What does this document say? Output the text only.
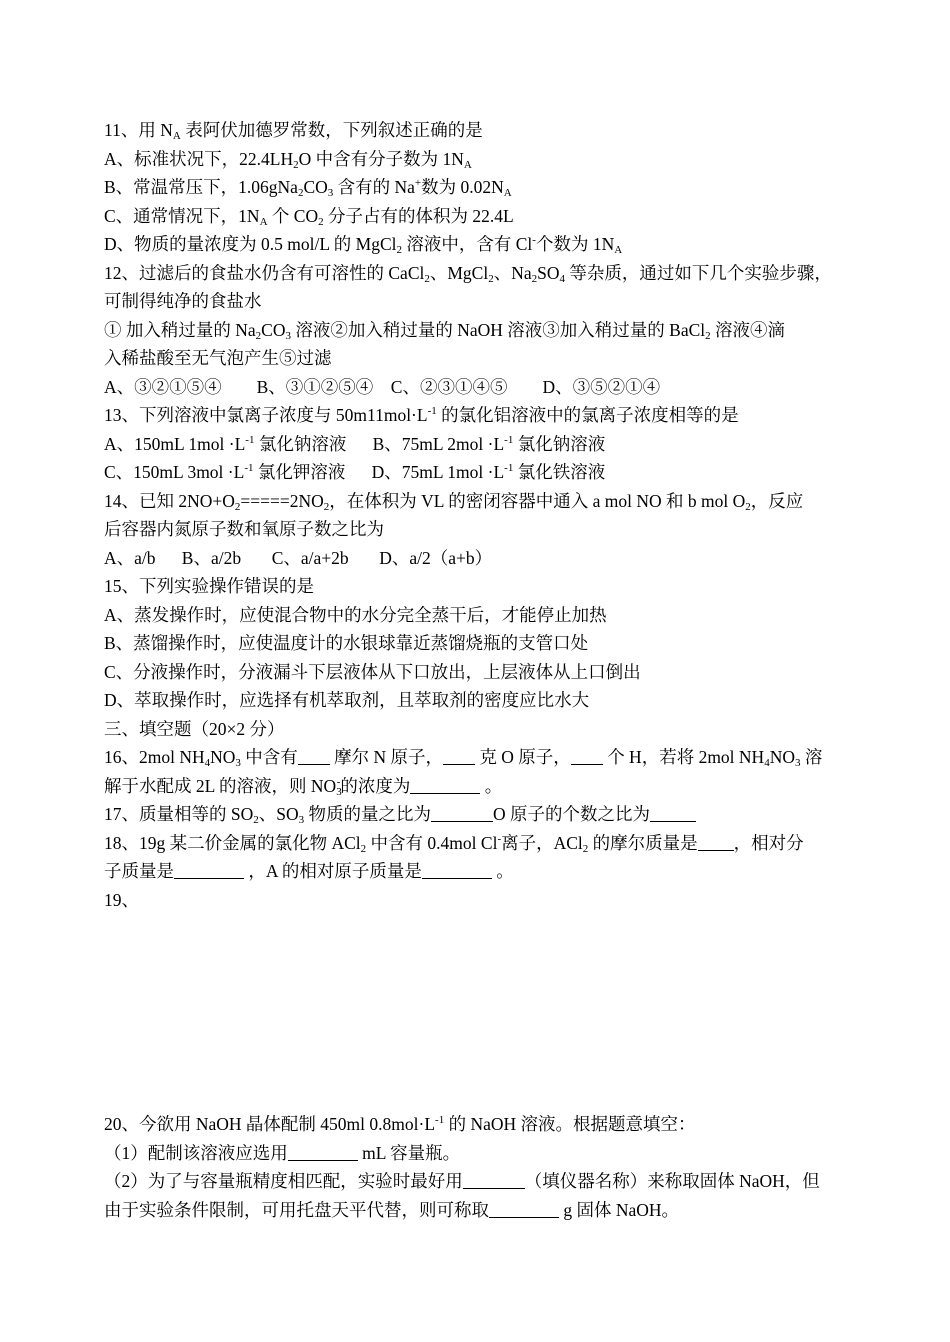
11、用 $N_A$ 表阿伏加德罗常数，下列叙述正确的是
A、标准状况下，$22.4LH_2O$ 中含有分子数为 $1N_A$
B、常温常压下，$1.06gNa_2CO_3$ 含有的 Na+数为 $0.02N_A$
C、通常情况下，$1N_A$ 个 $CO_2$ 分子占有的体积为 22.4L
D、物质的量浓度为 0.5 mol/L 的 MgCl$_2$ 溶液中，含有 Cl-个数为 $1N_A$
12、过滤后的食盐水仍含有可溶性的 CaCl$_2$、MgCl$_2$、$Na_2SO_4$ 等杂质，通过如下几个实验步骤，
可制得纯净的食盐水
① 加入稍过量的 $Na_2CO_3$ 溶液②加入稍过量的 NaOH 溶液③加入稍过量的 BaCl$_2$ 溶液④滴
入稀盐酸至无气泡产生⑤过滤
A、③②①⑤④        B、③①②⑤④    C、②③①④⑤        D、③⑤②①④
13、下列溶液中氯离子浓度与 $50m11mol\cdot L^{-1}$ 的氯化铝溶液中的氯离子浓度相等的是
A、150mL $1mol \cdot L^{-1}$ 氯化钠溶液      B、75mL $2mol \cdot L^{-1}$ 氯化钠溶液
C、150mL $3mol \cdot L^{-1}$ 氯化钾溶液      D、75mL $1mol \cdot L^{-1}$ 氯化铁溶液
14、已知 $2NO+O_2=====2NO_2$，在体积为 VL 的密闭容器中通入 a mol NO 和 b mol $O_2$，反应
后容器内氮原子数和氧原子数之比为
A、a/b      B、a/2b       C、a/a+2b       D、a/2（a+b）
15、下列实验操作错误的是
A、蒸发操作时，应使混合物中的水分完全蒸干后，才能停止加热
B、蒸馏操作时，应使温度计的水银球靠近蒸馏烧瓶的支管口处
C、分液操作时，分液漏斗下层液体从下口放出，上层液体从上口倒出
D、萃取操作时，应选择有机萃取剂，且萃取剂的密度应比水大
三、填空题（20×2 分）
16、2mol $NH_4NO_3$ 中含有 摩尔 N 原子， 克 O 原子， 个 H，若将 2mol $NH_4NO_3$ 溶
解于水配成 2L 的溶液，则 $NO_3^-$的浓度为	。
17、质量相等的 $SO_2$、$SO_3$ 物质的量之比为	O 原子的个数之比为
18、19g 某二价金属的氯化物 ACl$_2$ 中含有 0.4mol Cl-离子，ACl$_2$ 的摩尔质量是 ，相对分
子质量是	，A 的相对原子质量是	。
19、
20、今欲用 NaOH 晶体配制 450ml $0.8mol\cdot L^{-1}$ 的 NaOH 溶液。根据题意填空：
（1）配制该溶液应选用	mL 容量瓶。
（2）为了与容量瓶精度相匹配，实验时最好用	（填仪器名称）来称取固体 NaOH，但
由于实验条件限制，可用托盘天平代替，则可称取	g 固体 NaOH。
